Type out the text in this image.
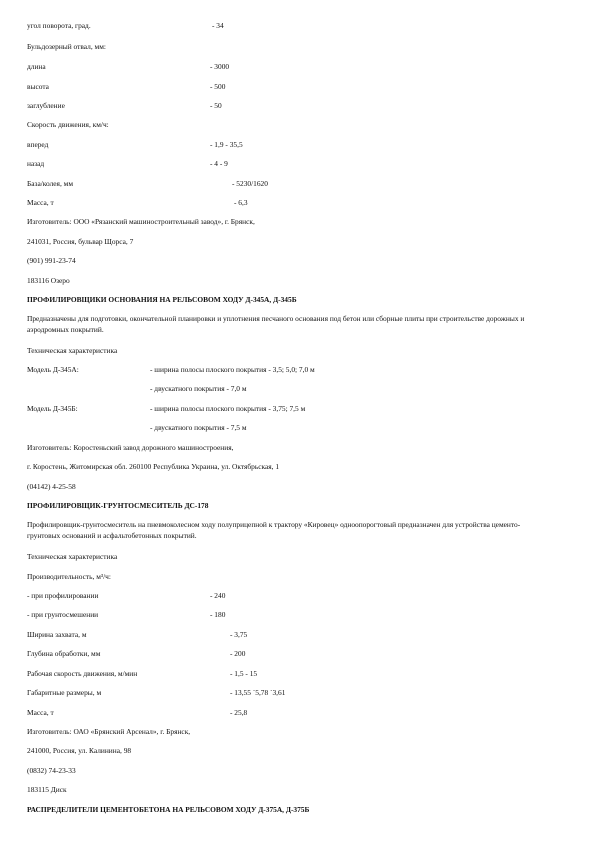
угол поворота, град.	- 34
Бульдозерный отвал, мм:
длина	- 3000
высота	- 500
заглубление	- 50
Скорость движения, км/ч:
вперед	- 1,9 - 35,5
назад	- 4 - 9
База/колея, мм	- 5230/1620
Масса, т	- 6,3
Изготовитель: ООО «Рязанский машиностроительный завод», г. Брянск,
241031, Россия, бульвар Щорса, 7
(901) 991-23-74
183116 Озеро
ПРОФИЛИРОВЩИКИ ОСНОВАНИЯ НА РЕЛЬСОВОМ ХОДУ Д-345А, Д-345Б
Предназначены для подготовки, окончательной планировки и уплотнения песчаного основания под бетон или сборные плиты при строительстве дорожных и аэродромных покрытий.
Техническая характеристика
Модель Д-345А:	- ширина полосы плоского покрытия - 3,5; 5,0; 7,0 м
- двускатного покрытия - 7,0 м
Модель Д-345Б:	- ширина полосы плоского покрытия - 3,75; 7,5 м
- двускатного покрытия - 7,5 м
Изготовитель: Коростеньский завод дорожного машиностроения,
г. Коростень, Житомирская обл. 260100 Республика Украина, ул. Октябрьская, 1
(04142) 4-25-58
ПРОФИЛИРОВЩИК-ГРУНТОСМЕСИТЕЛЬ ДС-178
Профилировщик-грунтосмеситель на пневмоколесном ходу полуприцепной к трактору «Кировец» одноопорогтовый предназначен для устройства цементо-грунтовых оснований и асфальтобетонных покрытий.
Техническая характеристика
Производительность, м³/ч:
- при профилировании	- 240
- при грунтосмешении	- 180
Ширина захвата, м	- 3,75
Глубина обработки, мм	- 200
Рабочая скорость движения, м/мин	- 1,5 - 15
Габаритные размеры, м	- 13,55 ´5,78 ´3,61
Масса, т	- 25,8
Изготовитель: ОАО «Брянский Арсенал», г. Брянск,
241000, Россия, ул. Калинина, 98
(0832) 74-23-33
183115 Диск
РАСПРЕДЕЛИТЕЛИ ЦЕМЕНТОБЕТОНА НА РЕЛЬСОВОМ ХОДУ Д-375А, Д-375Б
